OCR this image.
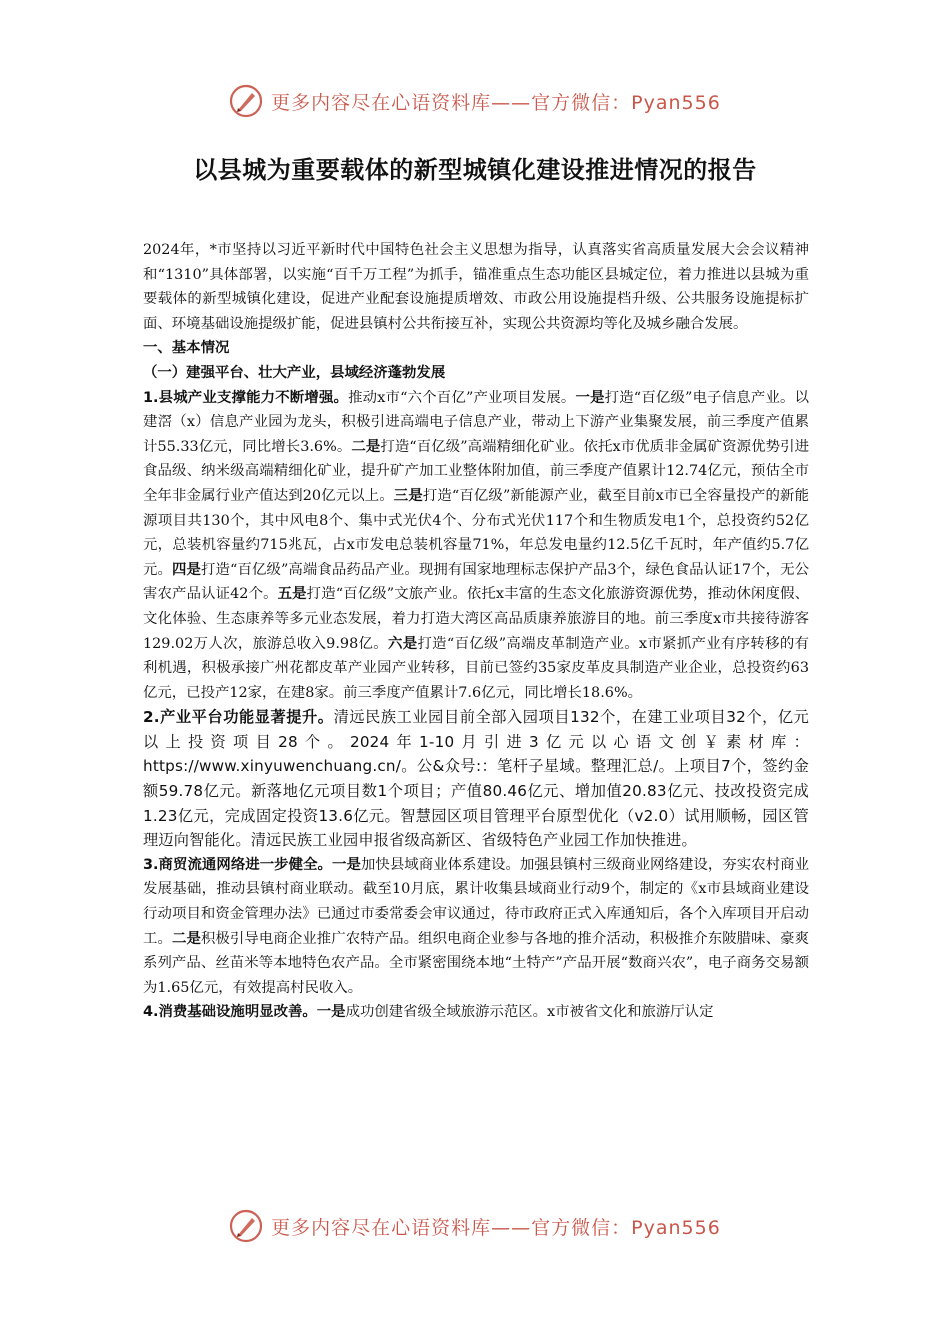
更多内容尽在心语资料库——官方微信：Pyan556
以县城为重要载体的新型城镇化建设推进情况的报告

2024年，*市坚持以习近平新时代中国特色社会主义思想为指导，认真落实省高质量发展大会会议精神和“1310”具体部署，以实施“百千万工程”为抓手，锚准重点生态功能区县城定位，着力推进以县城为重要载体的新型城镇化建设，促进产业配套设施提质增效、市政公用设施提档升级、公共服务设施提标扩面、环境基础设施提级扩能，促进县镇村公共衔接互补，实现公共资源均等化及城乡融合发展。

一、基本情况

（一）建强平台、壮大产业，县域经济蓬勃发展

1.县城产业支撑能力不断增强。推动x市“六个百亿”产业项目发展。一是打造“百亿级”电子信息产业。以建滘（x）信息产业园为龙头，积极引进高端电子信息产业，带动上下游产业集聚发展，前三季度产值累计55.33亿元，同比增长3.6%。二是打造“百亿级”高端精细化矿业。依托x市优质非金属矿资源优势引进食品级、纳米级高端精细化矿业，提升矿产加工业整体附加值，前三季度产值累计12.74亿元，预估全市全年非金属行业产值达到20亿元以上。三是打造“百亿级”新能源产业，截至目前x市已全容量投产的新能源项目共130个，其中风电8个、集中式光伏4个、分布式光伏117个和生物质发电1个，总投资约52亿元，总装机容量约715兆瓦，占x市发电总装机容量71%，年总发电量约12.5亿千瓦时，年产值约5.7亿元。四是打造“百亿级”高端食品药品产业。现拥有国家地理标志保护产品3个，绿色食品认证17个，无公害农产品认证42个。五是打造“百亿级”文旅产业。依托x丰富的生态文化旅游资源优势，推动休闲度假、文化体验、生态康养等多元业态发展，着力打造大湾区高品质康养旅游目的地。前三季度x市共接待游客129.02万人次，旅游总收入9.98亿。六是打造“百亿级”高端皮革制造产业。x市紧抓产业有序转移的有利机遇，积极承接广州花都皮革产业园产业转移，目前已签约35家皮革皮具制造产业企业，总投资约63亿元，已投产12家，在建8家。前三季度产值累计7.6亿元，同比增长18.6%。

2.产业平台功能显著提升。清远民族工业园目前全部入园项目132个，在建工业项目32个，亿元以上投资项目28个。2024年1-10月引进3亿元以心语文创￥素材库：https://www.xinyuwenchuang.cn/。公&众号:：笔杆子星域。整理汇总/。上项目7个，签约金额59.78亿元。新落地亿元项目数1个项目；产值80.46亿元、增加值20.83亿元、技改投资完成1.23亿元，完成固定投资13.6亿元。智慧园区项目管理平台原型优化（v2.0）试用顺畅，园区管理迈向智能化。清远民族工业园申报省级高新区、省级特色产业园工作加快推进。

3.商贸流通网络进一步健全。一是加快县域商业体系建设。加强县镇村三级商业网络建设，夯实农村商业发展基础，推动县镇村商业联动。截至10月底，累计收集县域商业行动9个，制定的《x市县域商业建设行动项目和资金管理办法》已通过市委常委会审议通过，待市政府正式入库通知后，各个入库项目开启动工。二是积极引导电商企业推广农特产品。组织电商企业参与各地的推介活动，积极推介东陂腊味、豪爽系列产品、丝苗米等本地特色农产品。全市紧密围绕本地“土特产”产品开展“数商兴农”，电子商务交易额为1.65亿元，有效提高村民收入。

4.消费基础设施明显改善。一是成功创建省级全域旅游示范区。x市被省文化和旅游厅认定

更多内容尽在心语资料库——官方微信：Pyan556
